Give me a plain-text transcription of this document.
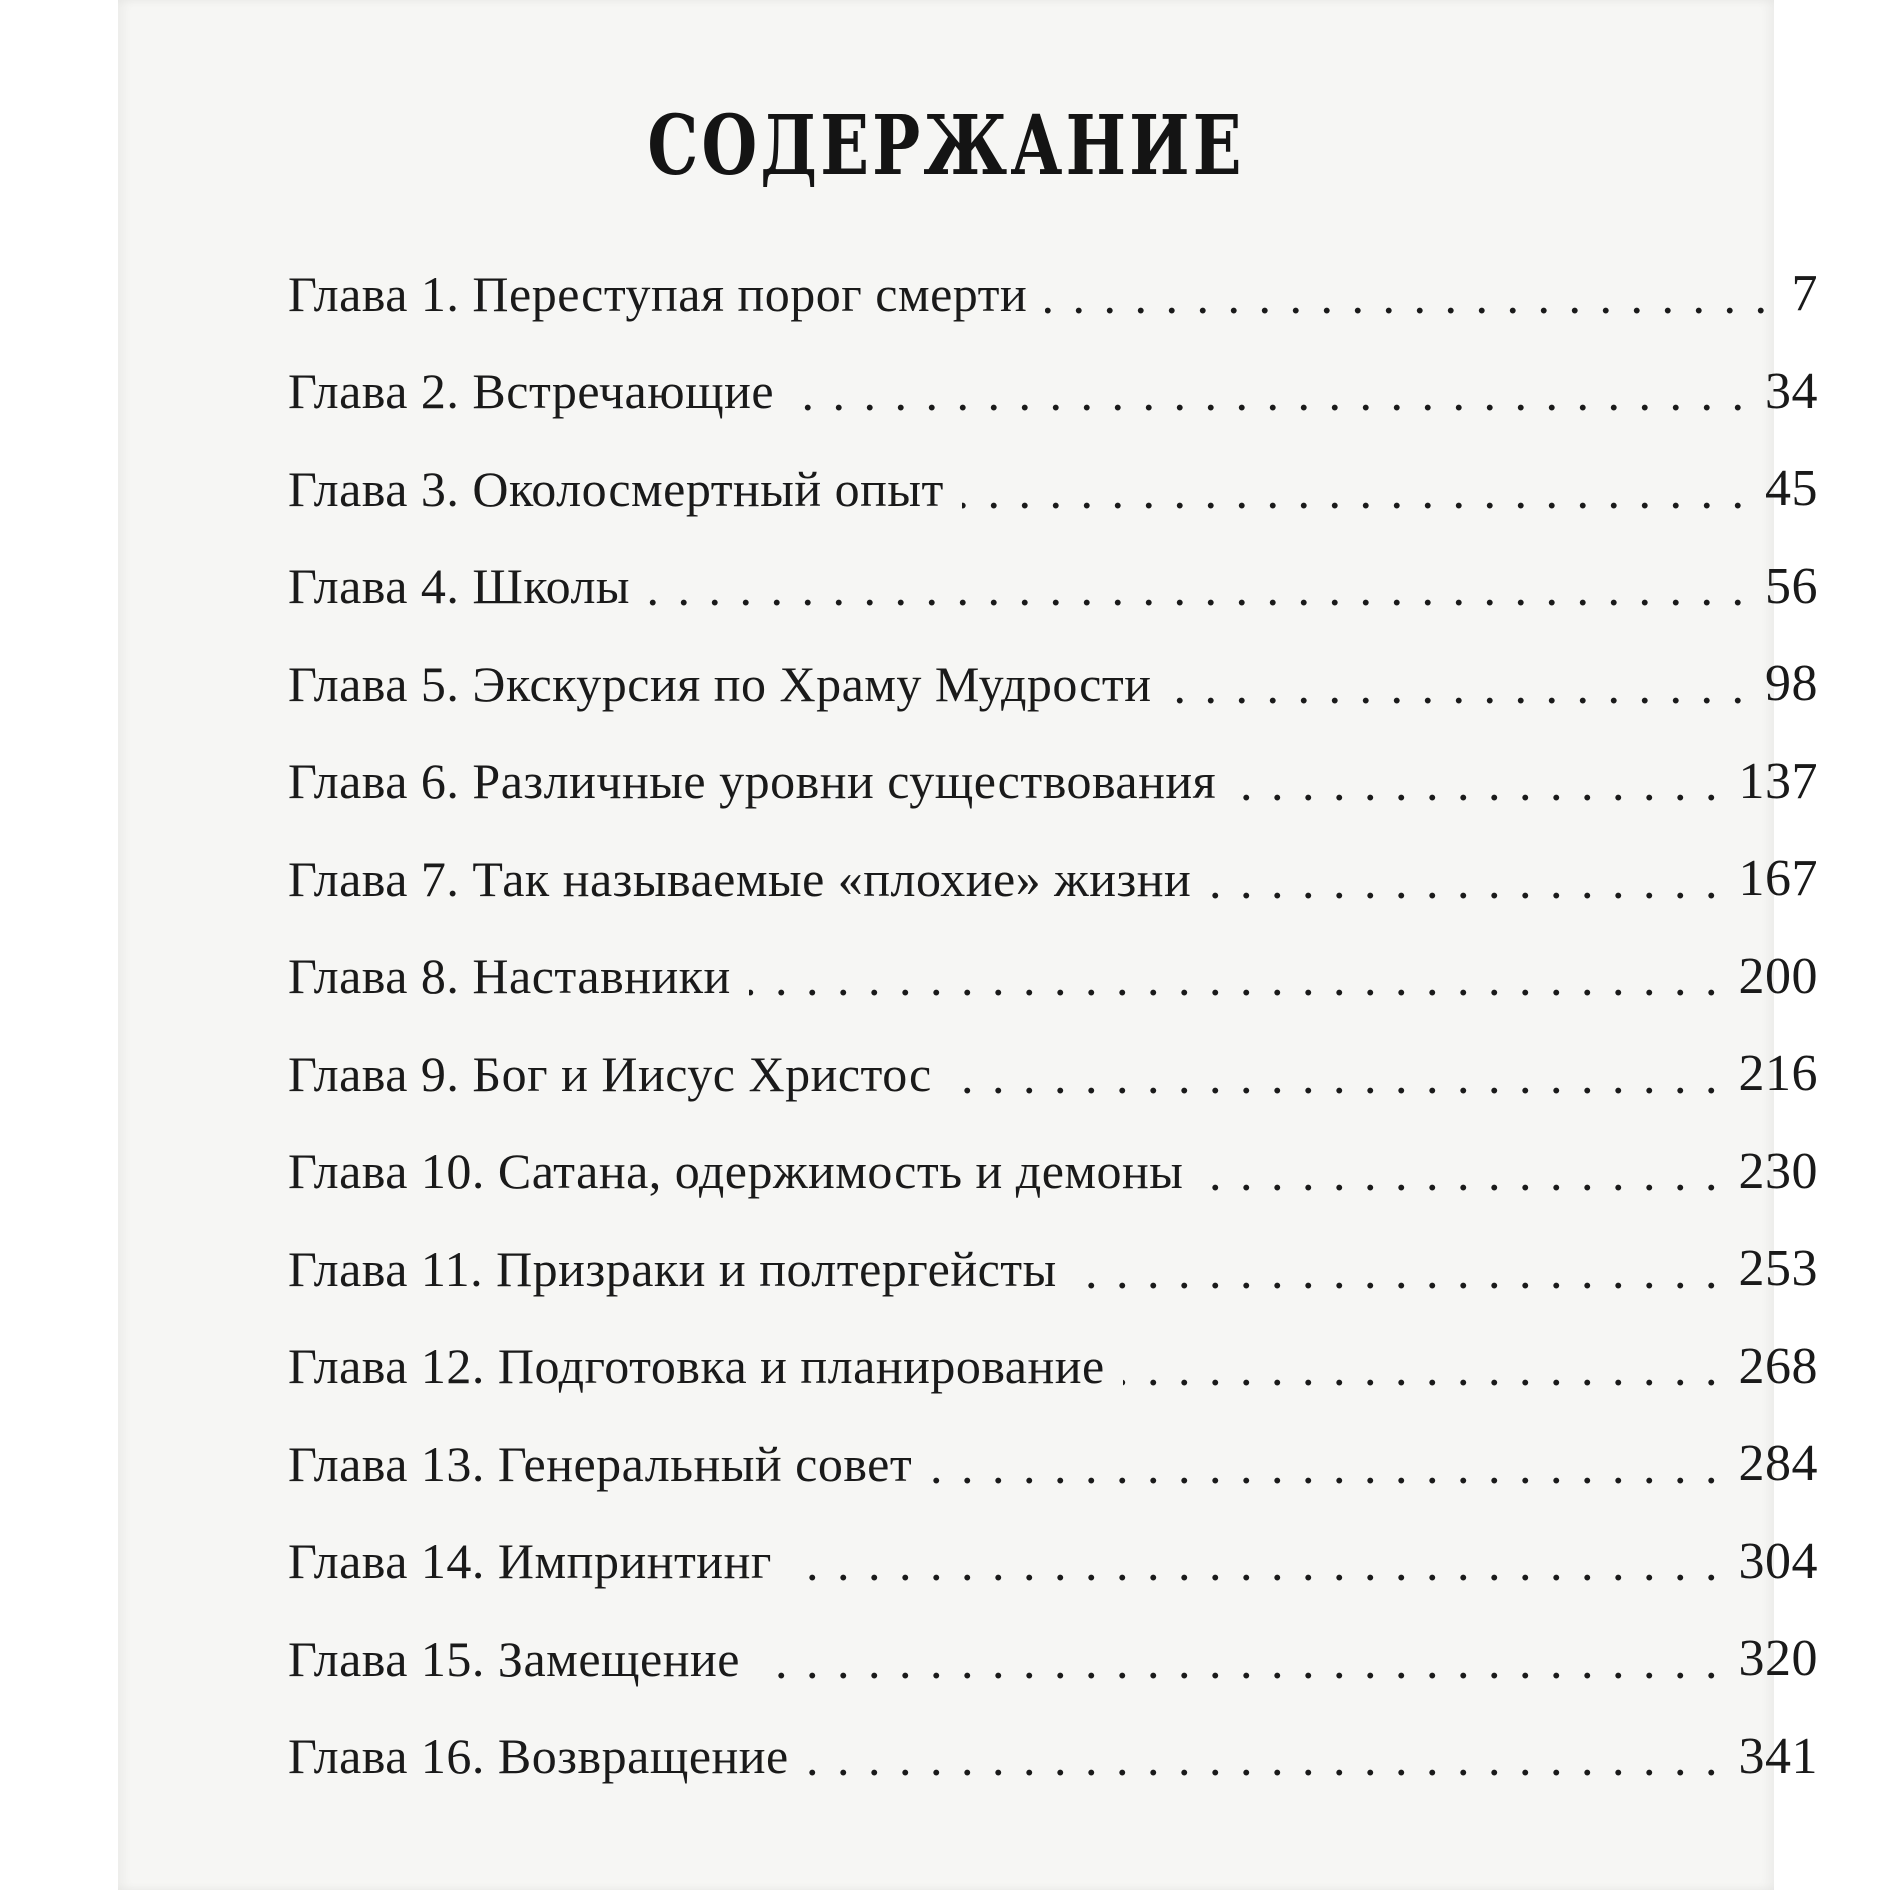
СОДЕРЖАНИЕ
Глава 1. Переступая порог смерти . . .	7
Глава 2. Встречающие . . .	34
Глава 3. Околосмертный опыт . . .	45
Глава 4. Школы . . .	56
Глава 5. Экскурсия по Храму Мудрости . . .	98
Глава 6. Различные уровни существования . . .	137
Глава 7. Так называемые «плохие» жизни . . .	167
Глава 8. Наставники . . .	200
Глава 9. Бог и Иисус Христос . . .	216
Глава 10. Сатана, одержимость и демоны . . .	230
Глава 11. Призраки и полтергейсты . . .	253
Глава 12. Подготовка и планирование . . .	268
Глава 13. Генеральный совет . . .	284
Глава 14. Импринтинг . . .	304
Глава 15. Замещение . . .	320
Глава 16. Возвращение . . .	341
